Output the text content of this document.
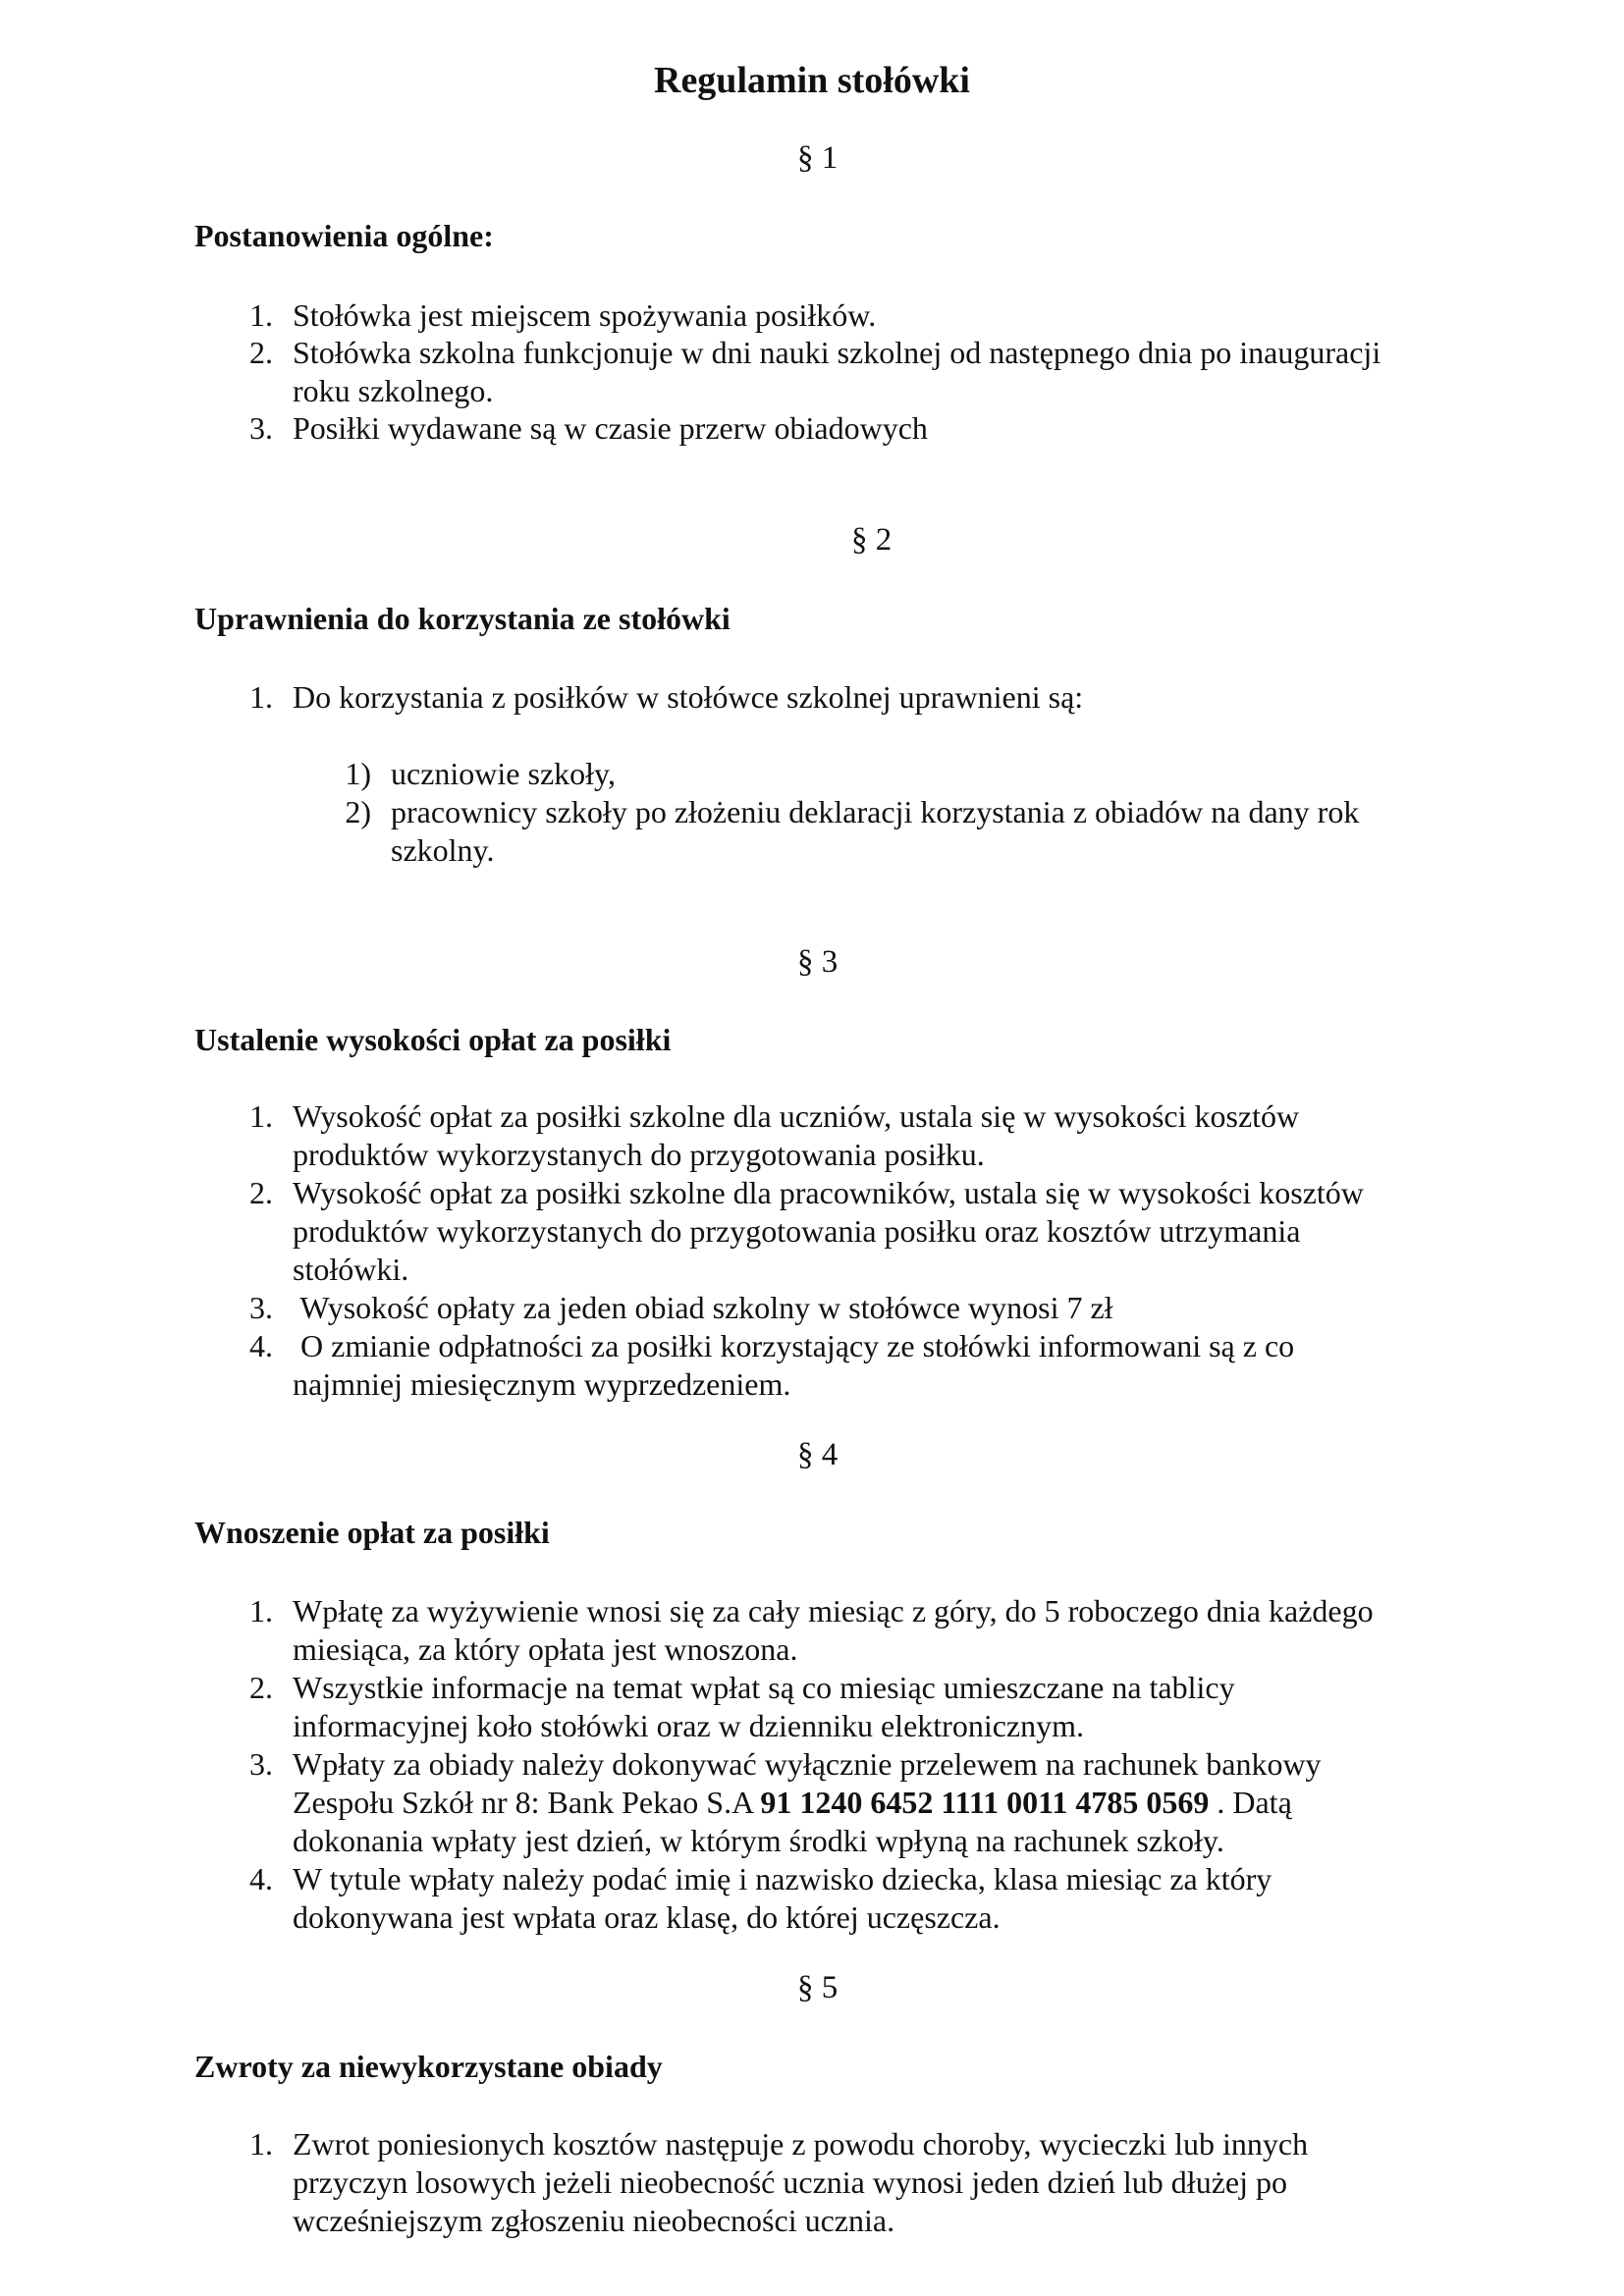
Regulamin stołówki
§ 1
Postanowienia ogólne:
1. Stołówka jest miejscem spożywania posiłków.
2. Stołówka szkolna funkcjonuje w dni nauki szkolnej od następnego dnia po inauguracji
roku szkolnego.
3. Posiłki wydawane są w czasie przerw obiadowych
§ 2
Uprawnienia do korzystania ze stołówki
1. Do korzystania z posiłków w stołówce szkolnej uprawnieni są:
1) uczniowie szkoły,
2) pracownicy szkoły po złożeniu deklaracji korzystania z obiadów na dany rok
szkolny.
§ 3
Ustalenie wysokości opłat za posiłki
1. Wysokość opłat za posiłki szkolne dla uczniów, ustala się w wysokości kosztów
produktów wykorzystanych do przygotowania posiłku.
2. Wysokość opłat za posiłki szkolne dla pracowników, ustala się w wysokości kosztów
produktów wykorzystanych do przygotowania posiłku oraz kosztów utrzymania
stołówki.
3. Wysokość opłaty za jeden obiad szkolny w stołówce wynosi 7 zł
4. O zmianie odpłatności za posiłki korzystający ze stołówki informowani są z co
najmniej miesięcznym wyprzedzeniem.
§ 4
Wnoszenie opłat za posiłki
1. Wpłatę za wyżywienie wnosi się za cały miesiąc z góry, do 5 roboczego dnia każdego
miesiąca, za który opłata jest wnoszona.
2. Wszystkie informacje na temat wpłat są co miesiąc umieszczane na tablicy
informacyjnej koło stołówki oraz w dzienniku elektronicznym.
3. Wpłaty za obiady należy dokonywać wyłącznie przelewem na rachunek bankowy
Zespołu Szkół nr 8: Bank Pekao S.A 91 1240 6452 1111 0011 4785 0569 . Datą
dokonania wpłaty jest dzień, w którym środki wpłyną na rachunek szkoły.
4. W tytule wpłaty należy podać imię i nazwisko dziecka, klasa miesiąc za który
dokonywana jest wpłata oraz klasę, do której uczęszcza.
§ 5
Zwroty za niewykorzystane obiady
1. Zwrot poniesionych kosztów następuje z powodu choroby, wycieczki lub innych
przyczyn losowych jeżeli nieobecność ucznia wynosi jeden dzień lub dłużej po
wcześniejszym zgłoszeniu nieobecności ucznia.
